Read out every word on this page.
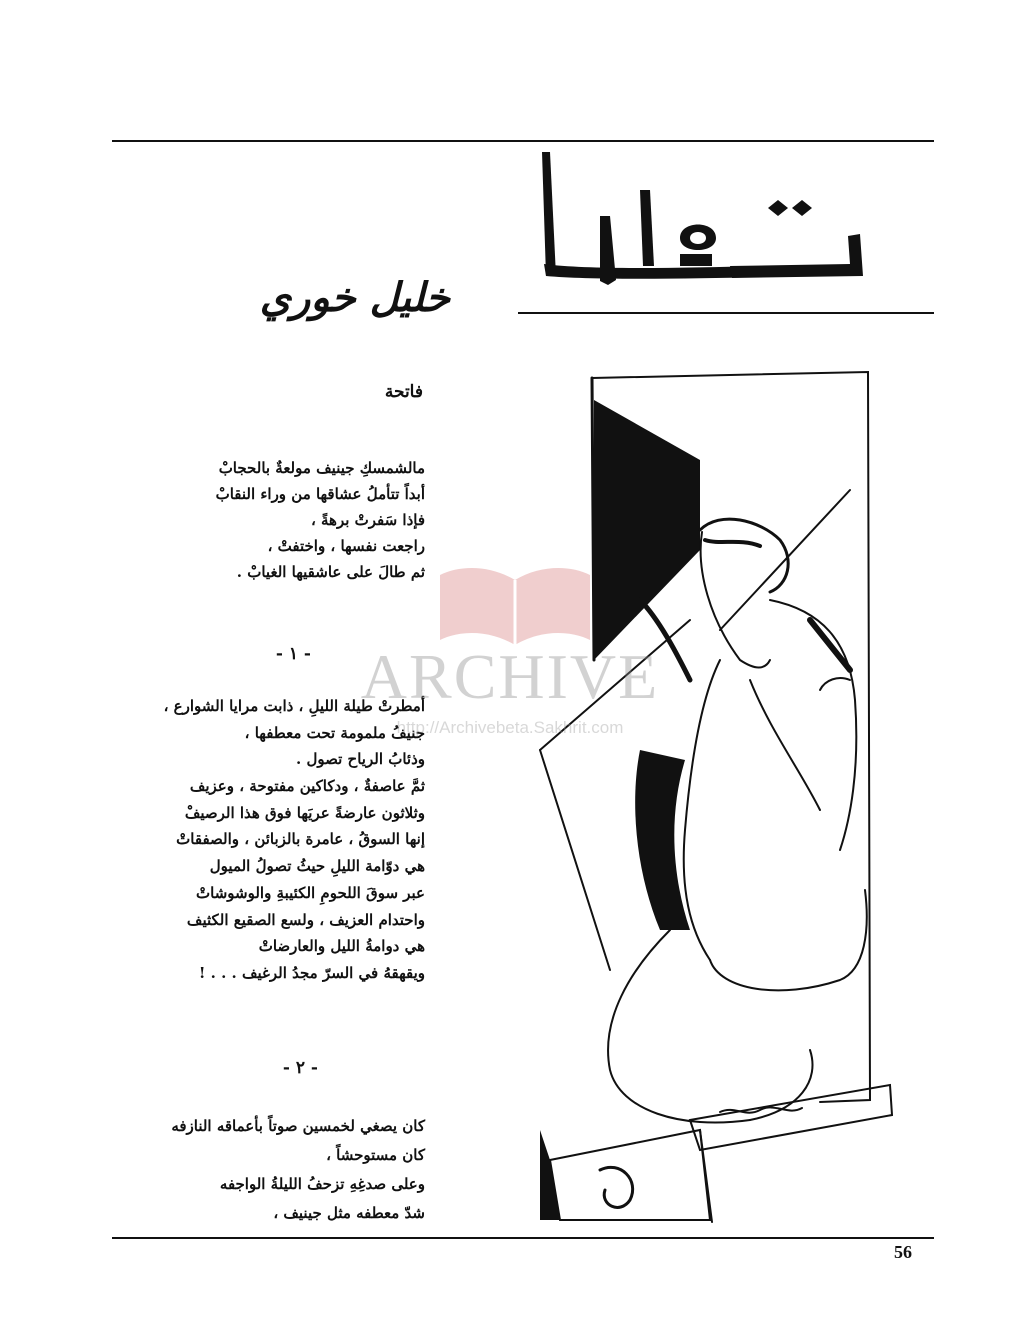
خليل خوري
فاتحة
مالشمسكِ جينيف مولعةٌ بالحجابْ
أبداً تتأملُ عشاقها من وراء النقابْ
فإذا سَفرتْ برهةً ،
راجعت نفسها ، واختفتْ ،
ثم طالَ على عاشقيها الغيابْ .
- ١ -
أمطرتْ طيلة الليلِ ، ذابت مرايا الشوارع ،
جنيفُ ملمومة تحت معطفها ،
وذئابُ الرياح تصول .
ثمَّ عاصفةٌ ، ودكاكين مفتوحة ، وعزيف
وثلاثون عارضةً عريَها فوق هذا الرصيفْ
إنها السوقُ ، عامرة بالزبائن ، والصفقاتْ
هي دوّامة الليلِ حيثُ تصولُ الميول
عبر سوقَ اللحومِ الكئيبةِ والوشوشاتْ
واحتدام العزيف ، ولسع الصقيع الكثيف
هي دوامةُ الليل والعارضاتْ
ويقهقهُ في السرّ مجدُ الرغيف . . . !
- ٢ -
كان يصغي لخمسين صوتاً بأعماقه النازفه
كان مستوحشاً ،
وعلى صدغِهِ تزحفُ الليلةُ الواجفه
شدّ معطفه مثل جينيف ،
ARCHIVE
http://Archivebeta.Sakhrit.com
56
